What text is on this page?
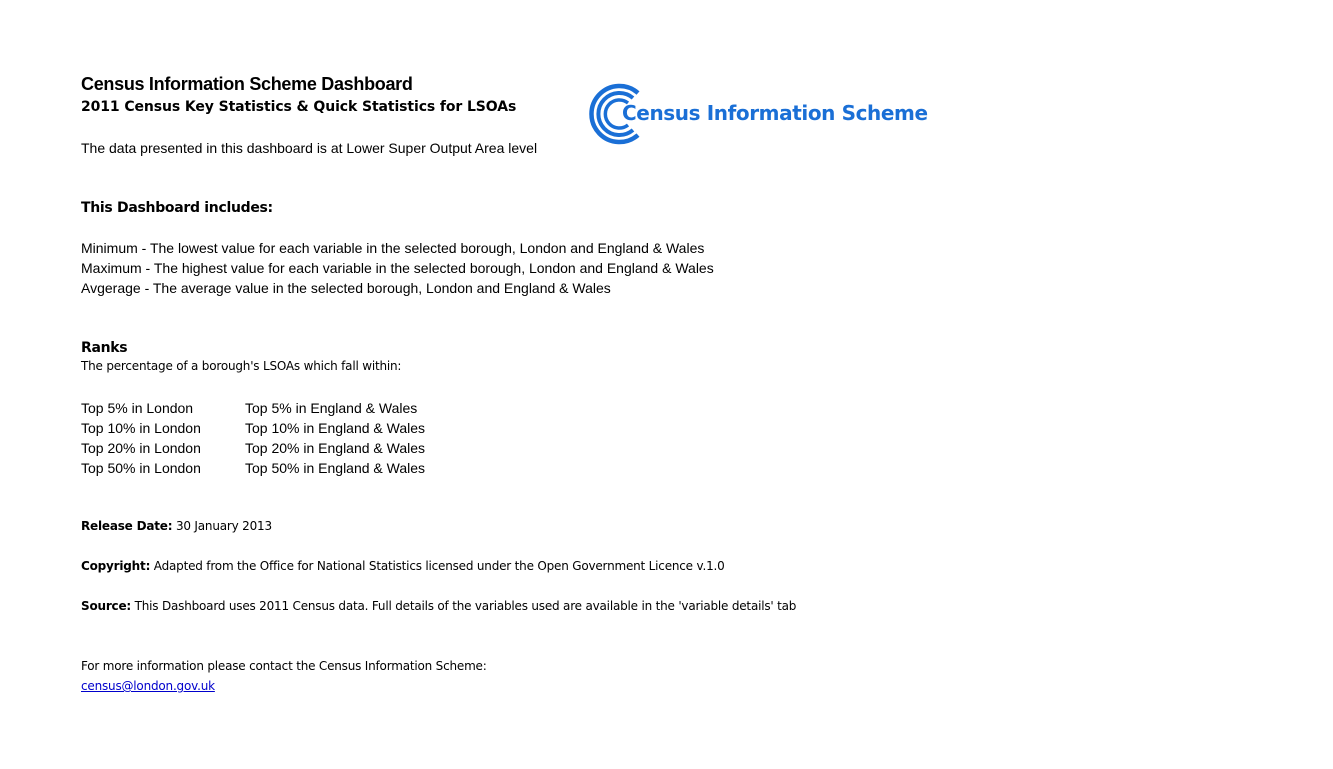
Census Information Scheme Dashboard
2011 Census Key Statistics & Quick Statistics for LSOAs
The data presented in this dashboard is at Lower Super Output Area level
Census Information Scheme
This Dashboard includes:
Minimum - The lowest value for each variable in the selected borough, London and England & Wales
Maximum - The highest value for each variable in the selected borough, London and England & Wales
Avgerage - The average value in the selected borough, London and England & Wales
Ranks
The percentage of a borough's LSOAs which fall within:
Top 5% in London
Top 10% in London
Top 20% in London
Top 50% in London
Top 5% in England & Wales
Top 10% in England & Wales
Top 20% in England & Wales
Top 50% in England & Wales
Release Date: 30 January 2013
Copyright: Adapted from the Office for National Statistics licensed under the Open Government Licence v.1.0
Source: This Dashboard uses 2011 Census data. Full details of the variables used are available in the 'variable details' tab
For more information please contact the Census Information Scheme:
census@london.gov.uk
